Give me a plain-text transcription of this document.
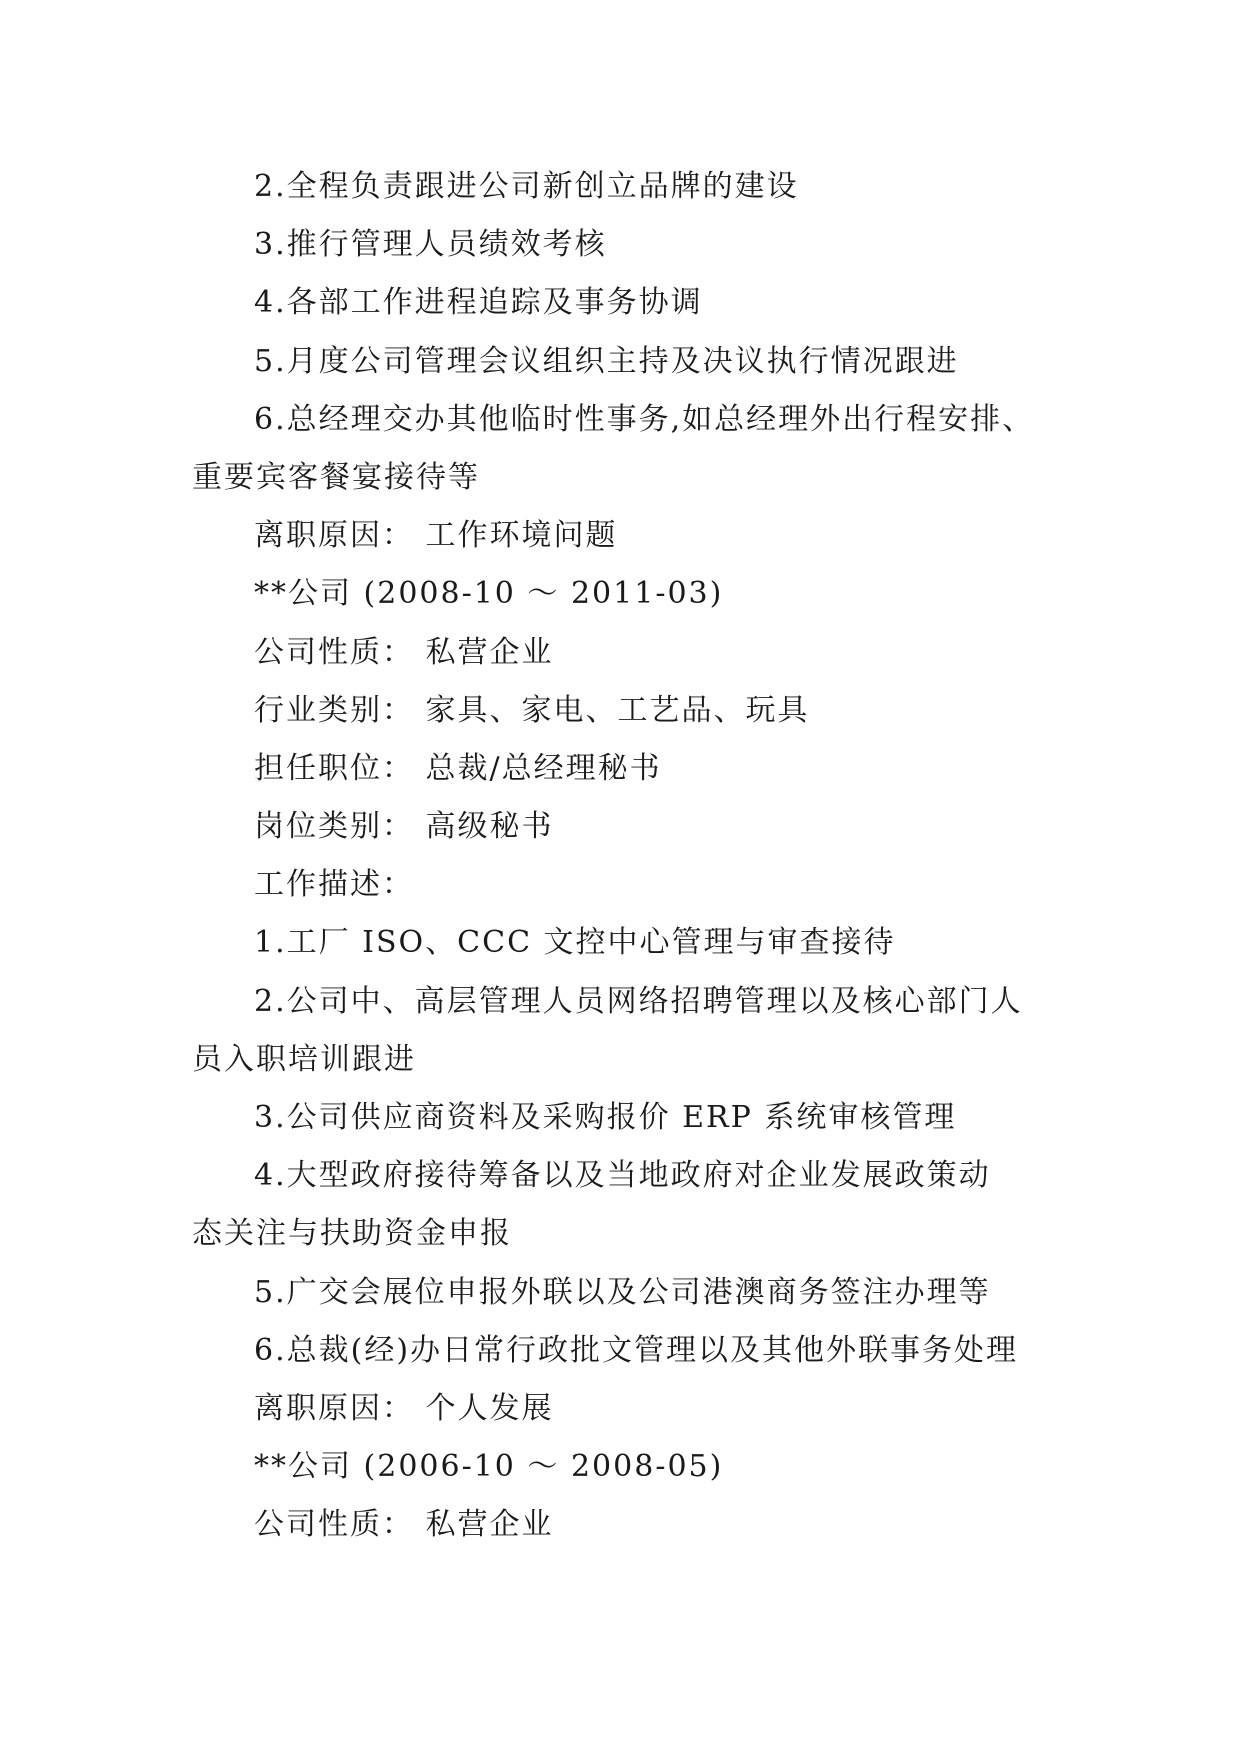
2.全程负责跟进公司新创立品牌的建设
3.推行管理人员绩效考核
4.各部工作进程追踪及事务协调
5.月度公司管理会议组织主持及决议执行情况跟进
6.总经理交办其他临时性事务,如总经理外出行程安排、
重要宾客餐宴接待等
离职原因： 工作环境问题
**公司 (2008-10 ～ 2011-03)
公司性质： 私营企业
行业类别： 家具、家电、工艺品、玩具
担任职位： 总裁/总经理秘书
岗位类别： 高级秘书
工作描述：
1.工厂 ISO、CCC 文控中心管理与审查接待
2.公司中、高层管理人员网络招聘管理以及核心部门人
员入职培训跟进
3.公司供应商资料及采购报价 ERP 系统审核管理
4.大型政府接待筹备以及当地政府对企业发展政策动
态关注与扶助资金申报
5.广交会展位申报外联以及公司港澳商务签注办理等
6.总裁(经)办日常行政批文管理以及其他外联事务处理
离职原因： 个人发展
**公司 (2006-10 ～ 2008-05)
公司性质： 私营企业
